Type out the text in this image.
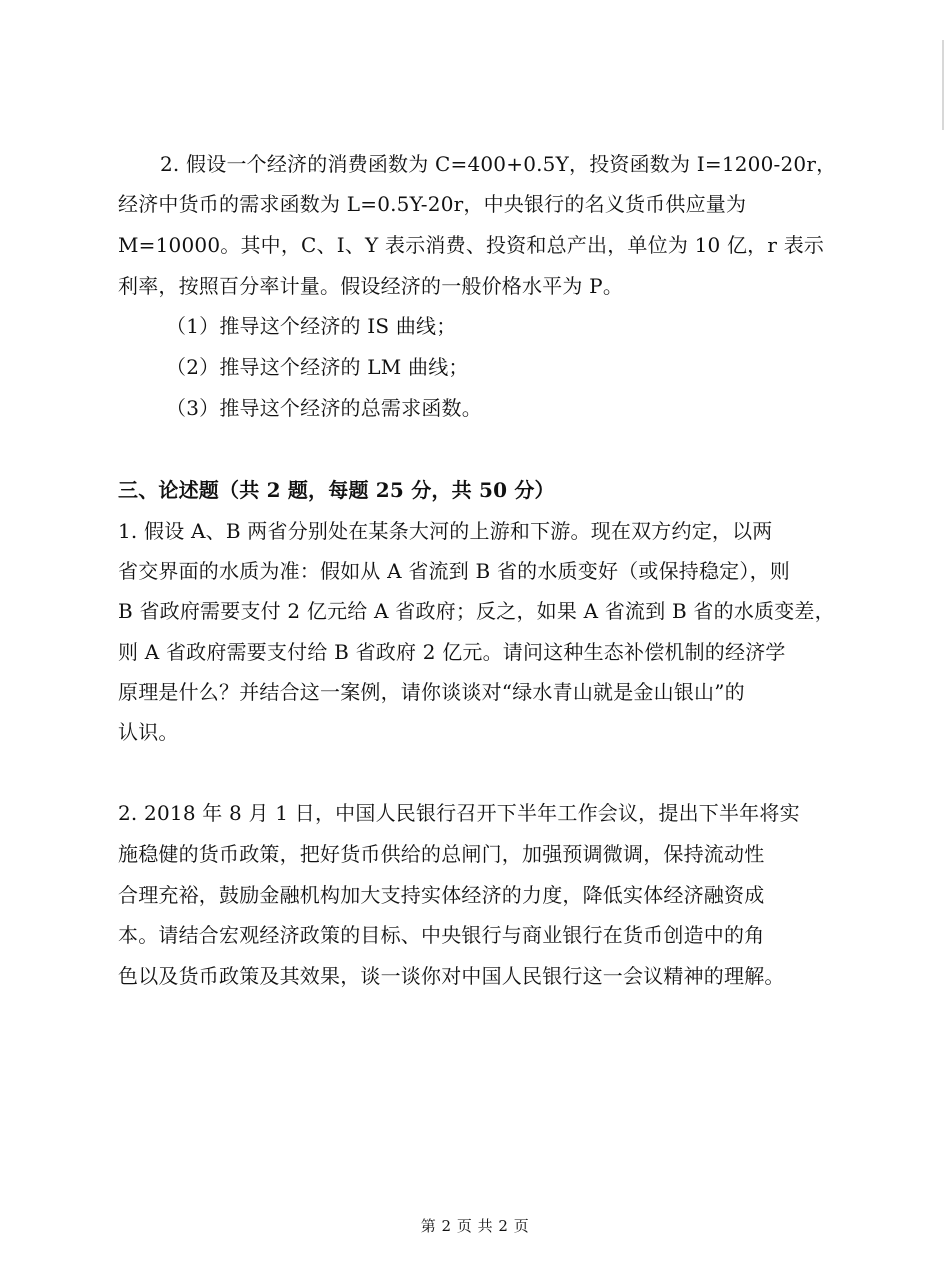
2. 假设一个经济的消费函数为 C=400+0.5Y，投资函数为 I=1200-20r，
经济中货币的需求函数为 L=0.5Y-20r，中央银行的名义货币供应量为
M=10000。其中，C、I、Y 表示消费、投资和总产出，单位为 10 亿，r 表示
利率，按照百分率计量。假设经济的一般价格水平为 P。
（1）推导这个经济的 IS 曲线；
（2）推导这个经济的 LM 曲线；
（3）推导这个经济的总需求函数。
三、论述题（共 2 题，每题 25 分，共 50 分）
1. 假设 A、B 两省分别处在某条大河的上游和下游。现在双方约定，以两
省交界面的水质为准：假如从 A 省流到 B 省的水质变好（或保持稳定），则
B 省政府需要支付 2 亿元给 A 省政府；反之，如果 A 省流到 B 省的水质变差，
则 A 省政府需要支付给 B 省政府 2 亿元。请问这种生态补偿机制的经济学
原理是什么？并结合这一案例，请你谈谈对“绿水青山就是金山银山”的
认识。
2. 2018 年 8 月 1 日，中国人民银行召开下半年工作会议，提出下半年将实
施稳健的货币政策，把好货币供给的总闸门，加强预调微调，保持流动性
合理充裕，鼓励金融机构加大支持实体经济的力度，降低实体经济融资成
本。请结合宏观经济政策的目标、中央银行与商业银行在货币创造中的角
色以及货币政策及其效果，谈一谈你对中国人民银行这一会议精神的理解。
第 2 页 共 2 页
